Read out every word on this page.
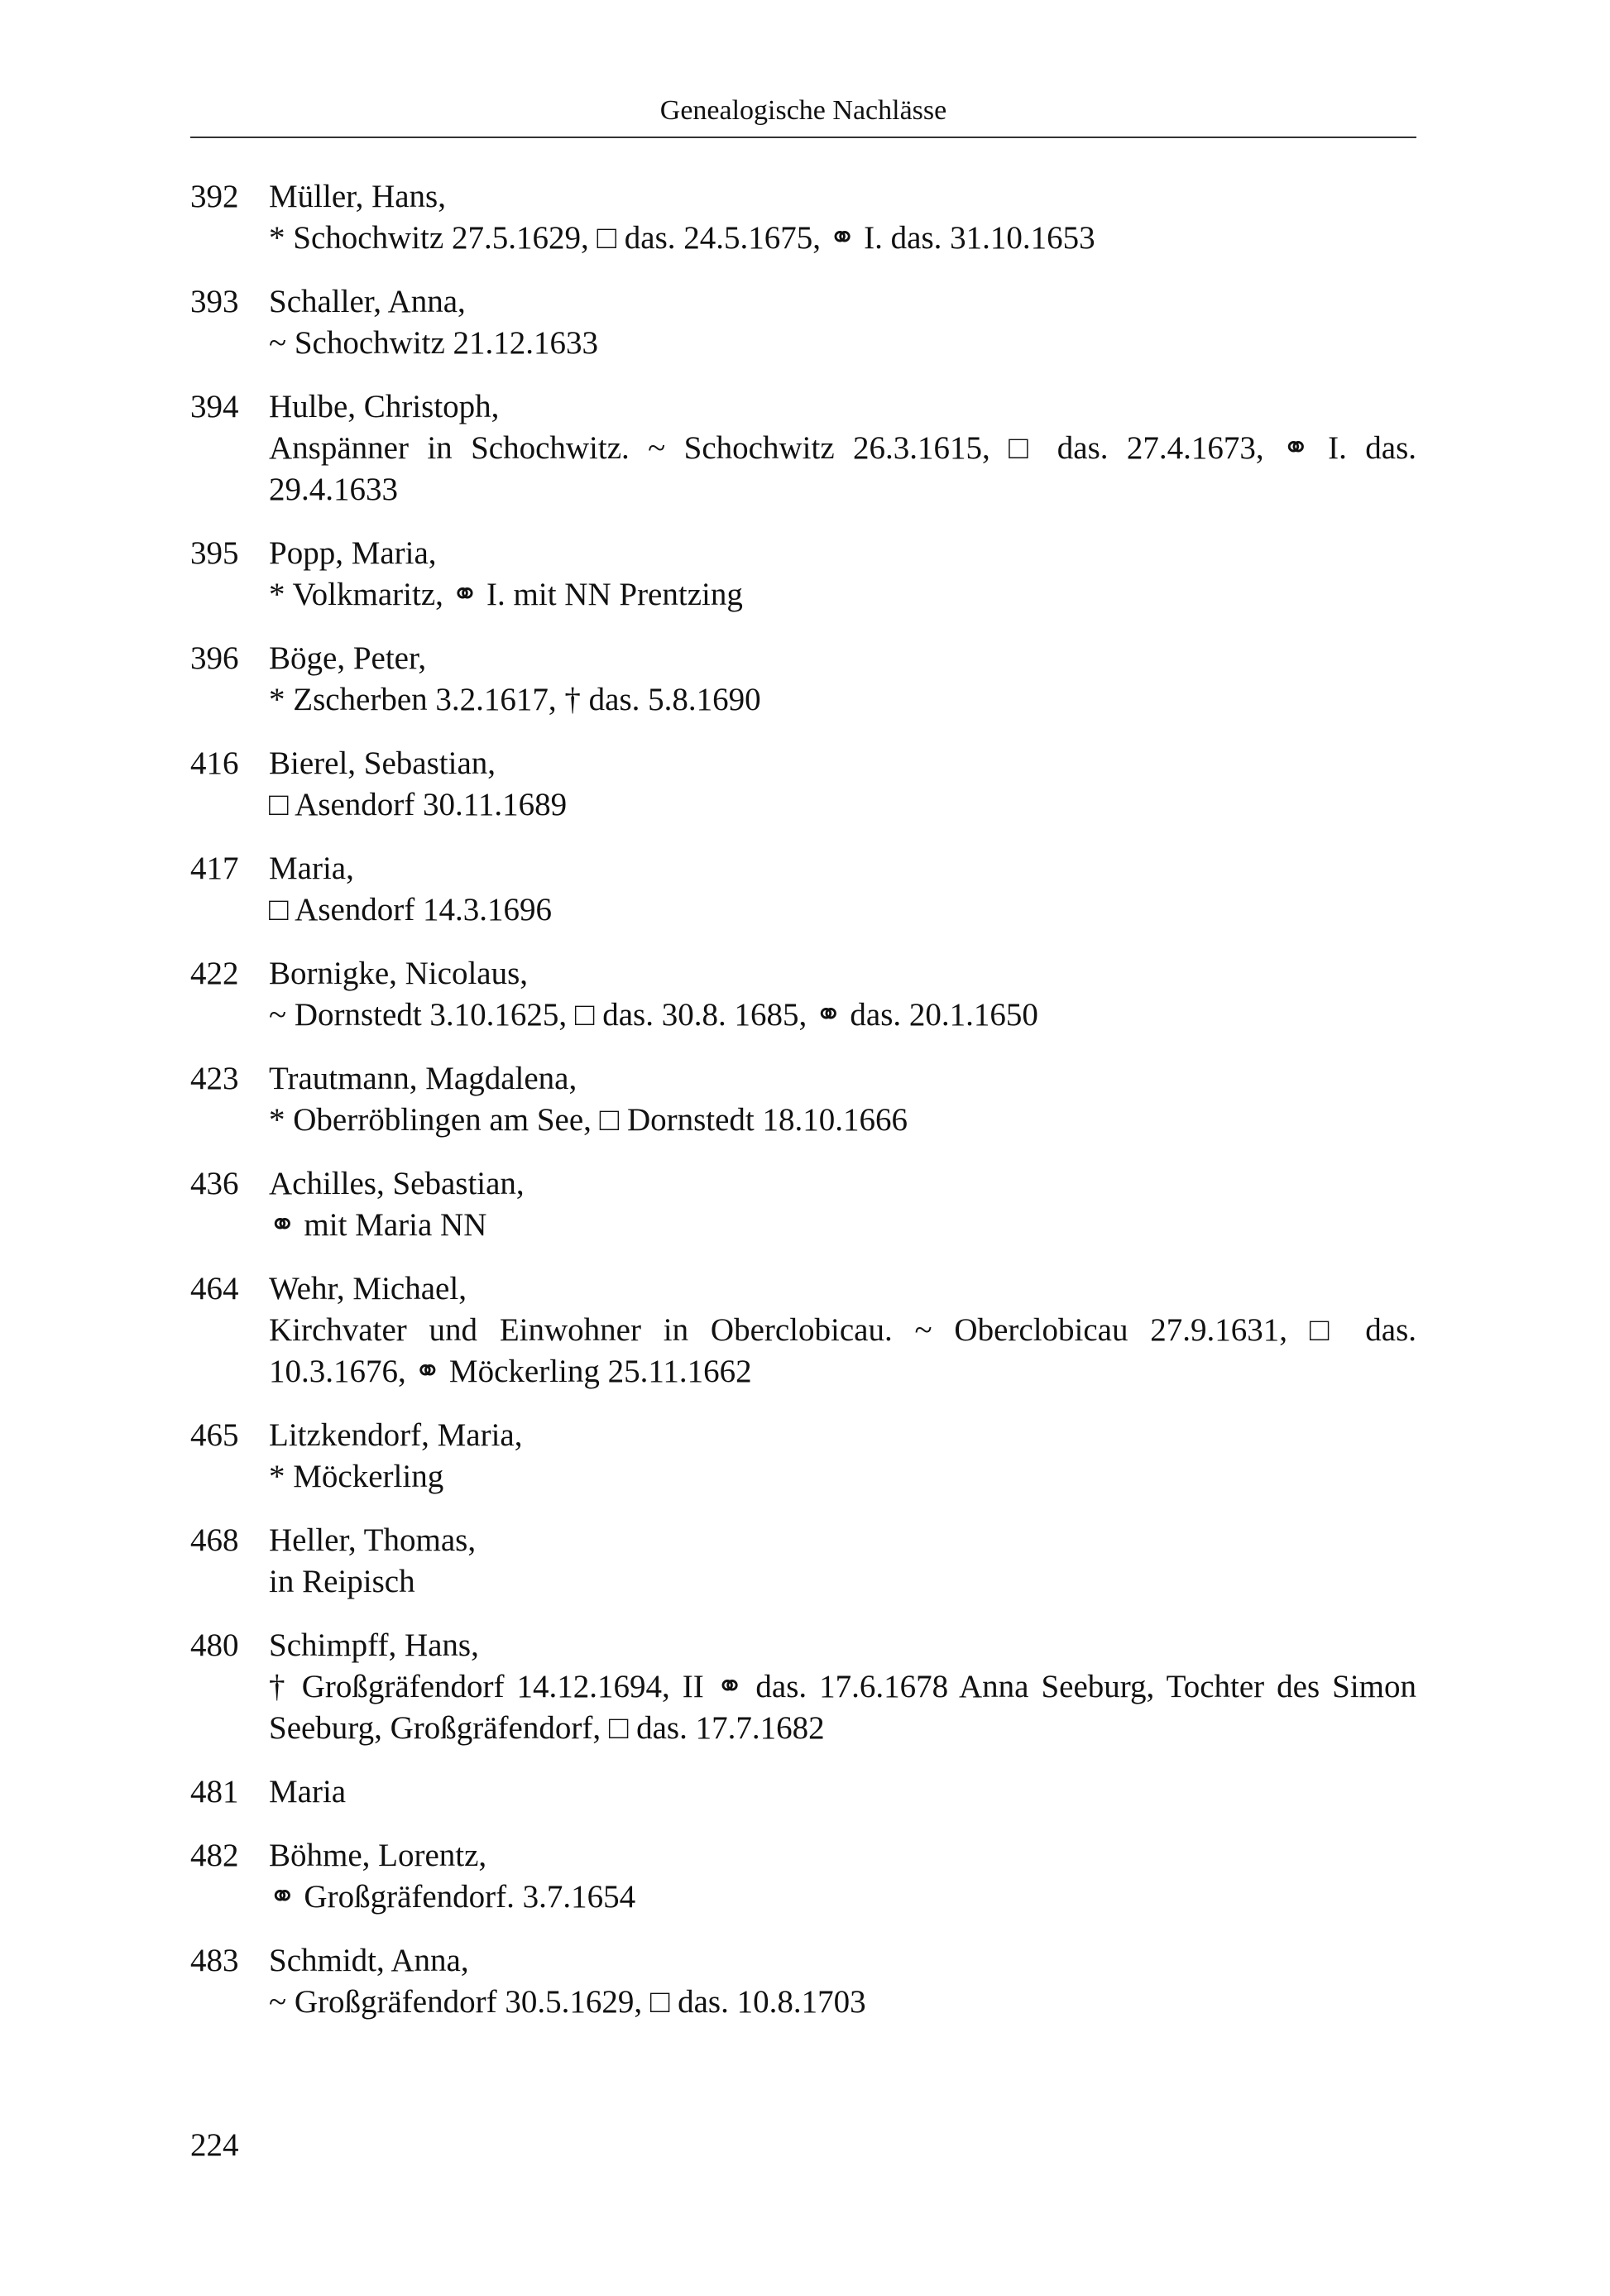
Genealogische Nachlässe
392 Müller, Hans,
* Schochwitz 27.5.1629, □ das. 24.5.1675, ⚭ I. das. 31.10.1653
393 Schaller, Anna,
~ Schochwitz 21.12.1633
394 Hulbe, Christoph,
Anspänner in Schochwitz. ~ Schochwitz 26.3.1615, □ das. 27.4.1673, ⚭ I. das. 29.4.1633
395 Popp, Maria,
* Volkmaritz, ⚭ I. mit NN Prentzing
396 Böge, Peter,
* Zscherben 3.2.1617, † das. 5.8.1690
416 Bierel, Sebastian,
□ Asendorf 30.11.1689
417 Maria,
□ Asendorf 14.3.1696
422 Bornigke, Nicolaus,
~ Dornstedt 3.10.1625, □ das. 30.8. 1685, ⚭ das. 20.1.1650
423 Trautmann, Magdalena,
* Oberröblingen am See, □ Dornstedt 18.10.1666
436 Achilles, Sebastian,
⚭ mit Maria NN
464 Wehr, Michael,
Kirchvater und Einwohner in Oberclobicau. ~ Oberclobicau 27.9.1631, □ das. 10.3.1676, ⚭ Möckerling 25.11.1662
465 Litzkendorf, Maria,
* Möckerling
468 Heller, Thomas,
in Reipisch
480 Schimpff, Hans,
† Großgräfendorf 14.12.1694, II ⚭ das. 17.6.1678 Anna Seeburg, Tochter des Simon Seeburg, Großgräfendorf, □ das. 17.7.1682
481 Maria
482 Böhme, Lorentz,
⚭ Großgräfendorf. 3.7.1654
483 Schmidt, Anna,
~ Großgräfendorf 30.5.1629, □ das. 10.8.1703
224
